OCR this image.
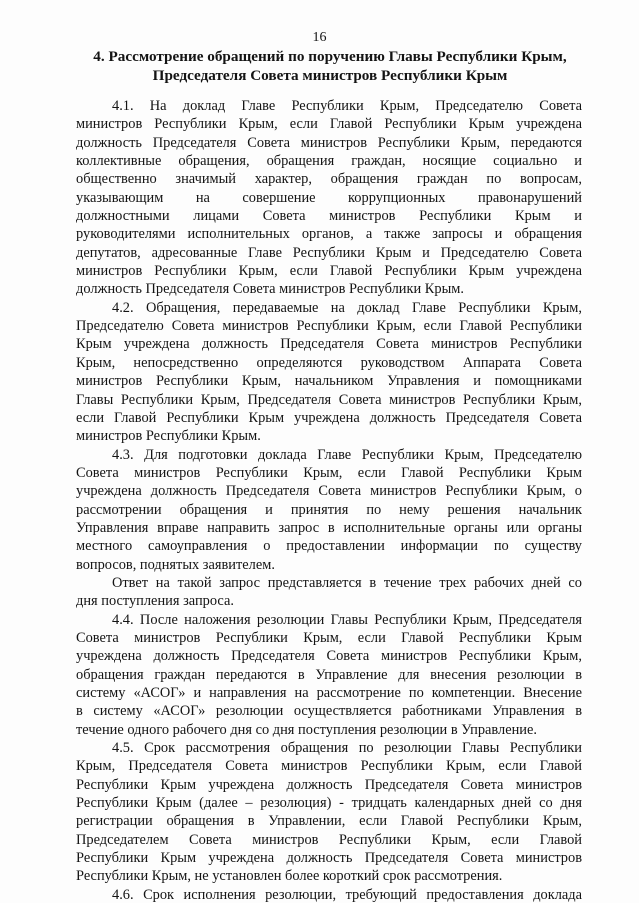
16
4. Рассмотрение обращений по поручению Главы Республики Крым,
Председателя Совета министров Республики Крым
4.1. На доклад Главе Республики Крым, Председателю Совета
министров Республики Крым, если Главой Республики Крым учреждена
должность Председателя Совета министров Республики Крым, передаются
коллективные обращения, обращения граждан, носящие социально и
общественно значимый характер, обращения граждан по вопросам,
указывающим на совершение коррупционных правонарушений
должностными лицами Совета министров Республики Крым и
руководителями исполнительных органов, а также запросы и обращения
депутатов, адресованные Главе Республики Крым и Председателю Совета
министров Республики Крым, если Главой Республики Крым учреждена
должность Председателя Совета министров Республики Крым.
4.2. Обращения, передаваемые на доклад Главе Республики Крым,
Председателю Совета министров Республики Крым, если Главой Республики
Крым учреждена должность Председателя Совета министров Республики
Крым, непосредственно определяются руководством Аппарата Совета
министров Республики Крым, начальником Управления и помощниками
Главы Республики Крым, Председателя Совета министров Республики Крым,
если Главой Республики Крым учреждена должность Председателя Совета
министров Республики Крым.
4.3. Для подготовки доклада Главе Республики Крым, Председателю
Совета министров Республики Крым, если Главой Республики Крым
учреждена должность Председателя Совета министров Республики Крым, о
рассмотрении обращения и принятия по нему решения начальник
Управления вправе направить запрос в исполнительные органы или органы
местного самоуправления о предоставлении информации по существу
вопросов, поднятых заявителем.
Ответ на такой запрос представляется в течение трех рабочих дней со
дня поступления запроса.
4.4. После наложения резолюции Главы Республики Крым, Председателя
Совета министров Республики Крым, если Главой Республики Крым
учреждена должность Председателя Совета министров Республики Крым,
обращения граждан передаются в Управление для внесения резолюции в
систему «АСОГ» и направления на рассмотрение по компетенции. Внесение
в систему «АСОГ» резолюции осуществляется работниками Управления в
течение одного рабочего дня со дня поступления резолюции в Управление.
4.5. Срок рассмотрения обращения по резолюции Главы Республики
Крым, Председателя Совета министров Республики Крым, если Главой
Республики Крым учреждена должность Председателя Совета министров
Республики Крым (далее – резолюция) - тридцать календарных дней со дня
регистрации обращения в Управлении, если Главой Республики Крым,
Председателем Совета министров Республики Крым, если Главой
Республики Крым учреждена должность Председателя Совета министров
Республики Крым, не установлен более короткий срок рассмотрения.
4.6. Срок исполнения резолюции, требующий предоставления доклада
